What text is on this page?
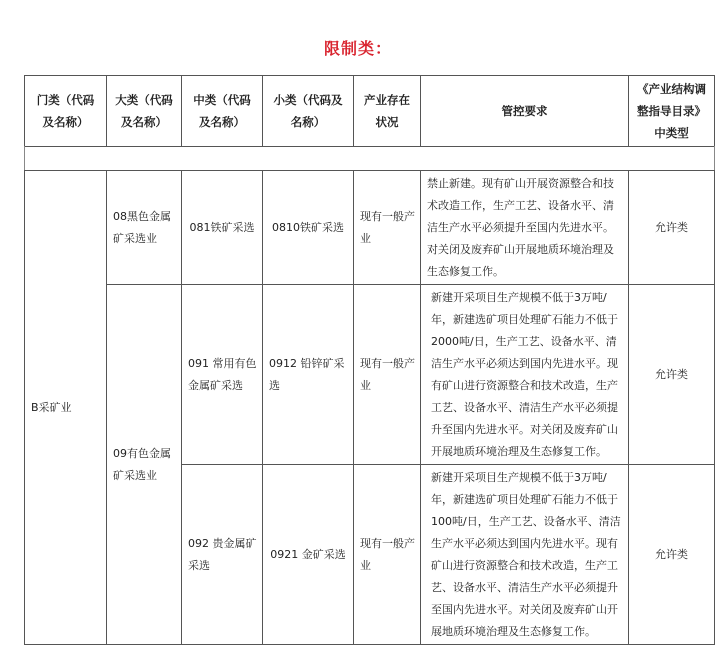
限制类：
门类（代码及名称）	大类（代码及名称）	中类（代码及名称）	小类（代码及名称）	产业存在状况	管控要求	《产业结构调整指导目录》中类型
B采矿业	08黑色金属矿采选业	081铁矿采选	0810铁矿采选	现有一般产业	禁止新建。现有矿山开展资源整合和技术改造工作，生产工艺、设备水平、清洁生产水平必须提升至国内先进水平。对关闭及废弃矿山开展地质环境治理及生态修复工作。	允许类
	09有色金属矿采选业	091 常用有色金属矿采选	0912 铅锌矿采选	现有一般产业	新建开采项目生产规模不低于3万吨/年，新建选矿项目处理矿石能力不低于2000吨/日，生产工艺、设备水平、清洁生产水平必须达到国内先进水平。现有矿山进行资源整合和技术改造，生产工艺、设备水平、清洁生产水平必须提升至国内先进水平。对关闭及废弃矿山开展地质环境治理及生态修复工作。	允许类
		092 贵金属矿采选	0921 金矿采选	现有一般产业	新建开采项目生产规模不低于3万吨/年，新建选矿项目处理矿石能力不低于100吨/日，生产工艺、设备水平、清洁生产水平必须达到国内先进水平。现有矿山进行资源整合和技术改造，生产工艺、设备水平、清洁生产水平必须提升至国内先进水平。对关闭及废弃矿山开展地质环境治理及生态修复工作。	允许类
